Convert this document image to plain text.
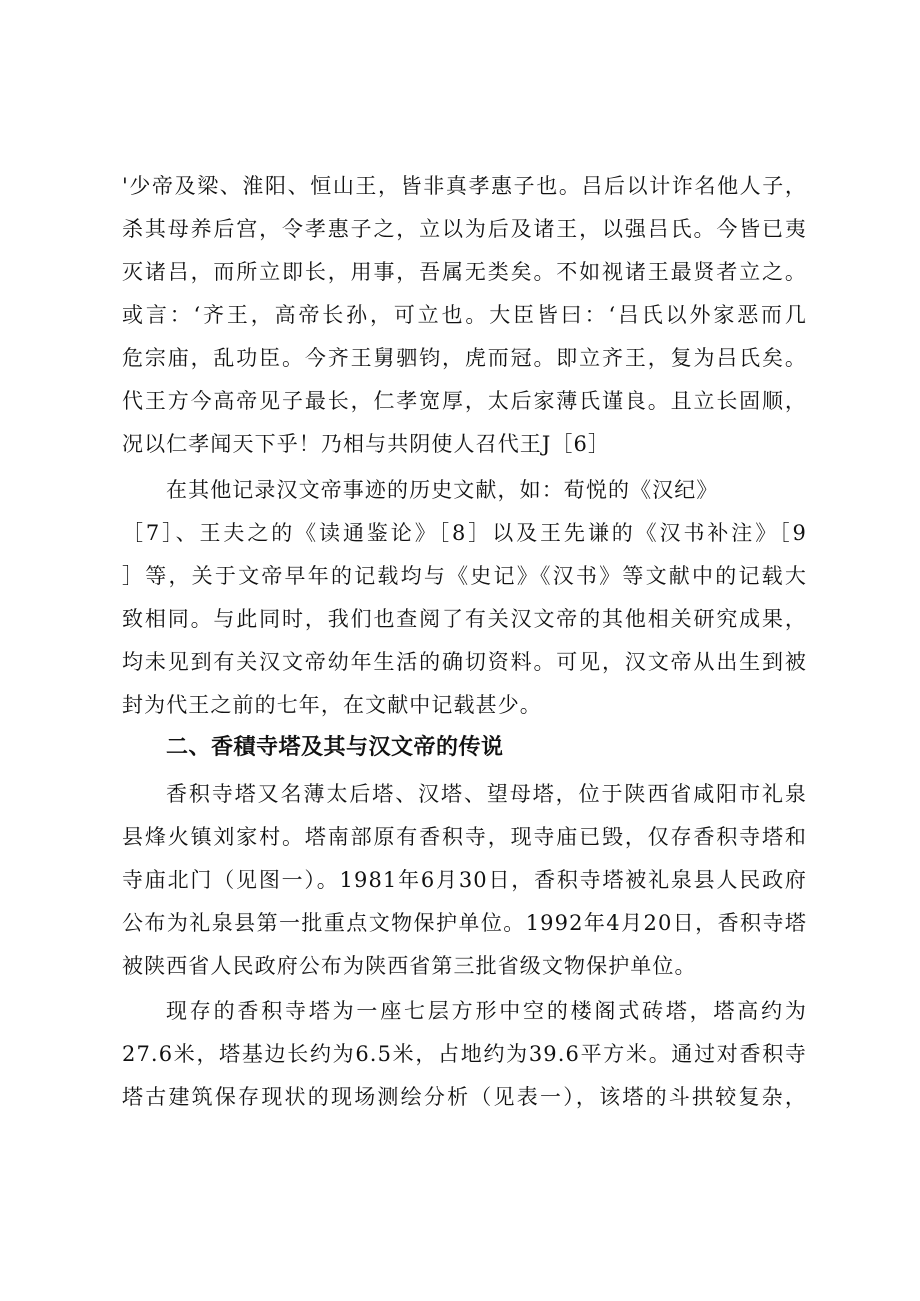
'少帝及梁、淮阳、恒山王，皆非真孝惠子也。吕后以计诈名他人子，
杀其母养后宫，令孝惠子之，立以为后及诸王，以强吕氏。今皆已夷
灭诸吕，而所立即长，用事，吾属无类矣。不如视诸王最贤者立之。
或言：‘齐王，高帝长孙，可立也。大臣皆曰：‘吕氏以外家恶而几
危宗庙，乱功臣。今齐王舅驷钧，虎而冠。即立齐王，复为吕氏矣。
代王方今高帝见子最长，仁孝宽厚，太后家薄氏谨良。且立长固顺，
况以仁孝闻天下乎！乃相与共阴使人召代王J［6］
在其他记录汉文帝事迹的历史文献，如：荀悦的《汉纪》
［7］、王夫之的《读通鉴论》［8］以及王先谦的《汉书补注》［9
］等，关于文帝早年的记载均与《史记》《汉书》等文献中的记载大
致相同。与此同时，我们也查阅了有关汉文帝的其他相关研究成果，
均未见到有关汉文帝幼年生活的确切资料。可见，汉文帝从出生到被
封为代王之前的七年，在文献中记载甚少。
二、香積寺塔及其与汉文帝的传说
香积寺塔又名薄太后塔、汉塔、望母塔，位于陕西省咸阳市礼泉
县烽火镇刘家村。塔南部原有香积寺，现寺庙已毁，仅存香积寺塔和
寺庙北门（见图一）。1981年6月30日，香积寺塔被礼泉县人民政府
公布为礼泉县第一批重点文物保护单位。1992年4月20日，香积寺塔
被陕西省人民政府公布为陕西省第三批省级文物保护单位。
现存的香积寺塔为一座七层方形中空的楼阁式砖塔，塔高约为
27.6米，塔基边长约为6.5米，占地约为39.6平方米。通过对香积寺
塔古建筑保存现状的现场测绘分析（见表一），该塔的斗拱较复杂，
